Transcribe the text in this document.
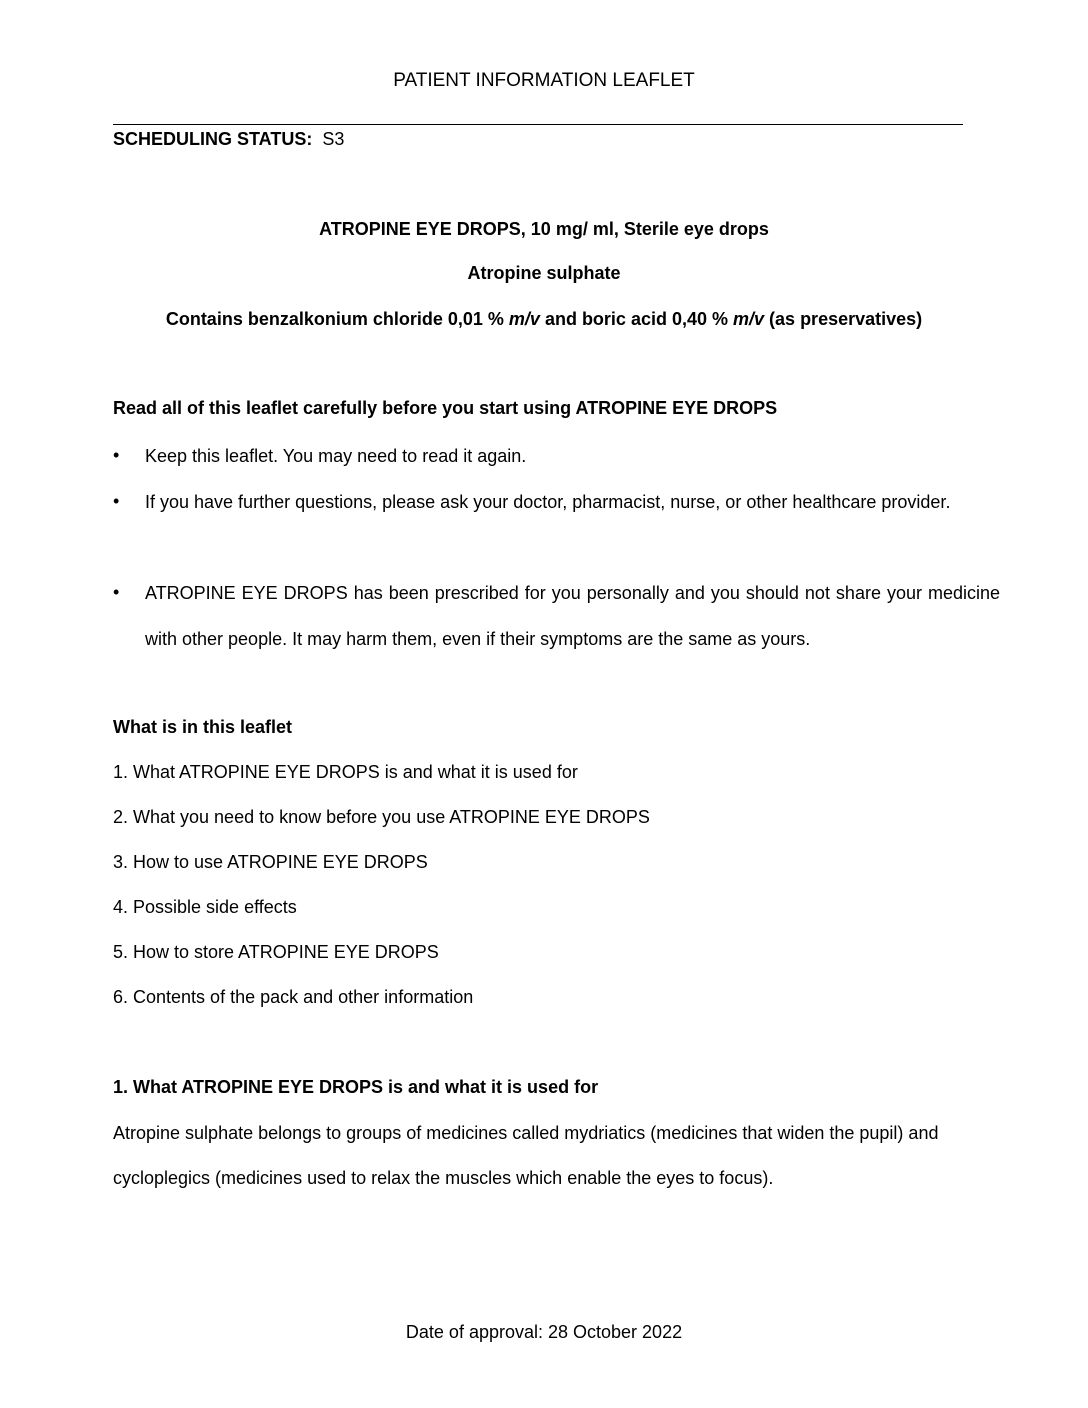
PATIENT INFORMATION LEAFLET
SCHEDULING STATUS: S3
ATROPINE EYE DROPS, 10 mg/ ml, Sterile eye drops
Atropine sulphate
Contains benzalkonium chloride 0,01 % m/v and boric acid 0,40 % m/v (as preservatives)
Read all of this leaflet carefully before you start using ATROPINE EYE DROPS
• Keep this leaflet. You may need to read it again.
• If you have further questions, please ask your doctor, pharmacist, nurse, or other healthcare provider.
• ATROPINE EYE DROPS has been prescribed for you personally and you should not share your medicine with other people. It may harm them, even if their symptoms are the same as yours.
What is in this leaflet
1. What ATROPINE EYE DROPS is and what it is used for
2. What you need to know before you use ATROPINE EYE DROPS
3. How to use ATROPINE EYE DROPS
4. Possible side effects
5. How to store ATROPINE EYE DROPS
6. Contents of the pack and other information
1. What ATROPINE EYE DROPS is and what it is used for
Atropine sulphate belongs to groups of medicines called mydriatics (medicines that widen the pupil) and cycloplegics (medicines used to relax the muscles which enable the eyes to focus).
Date of approval: 28 October 2022
